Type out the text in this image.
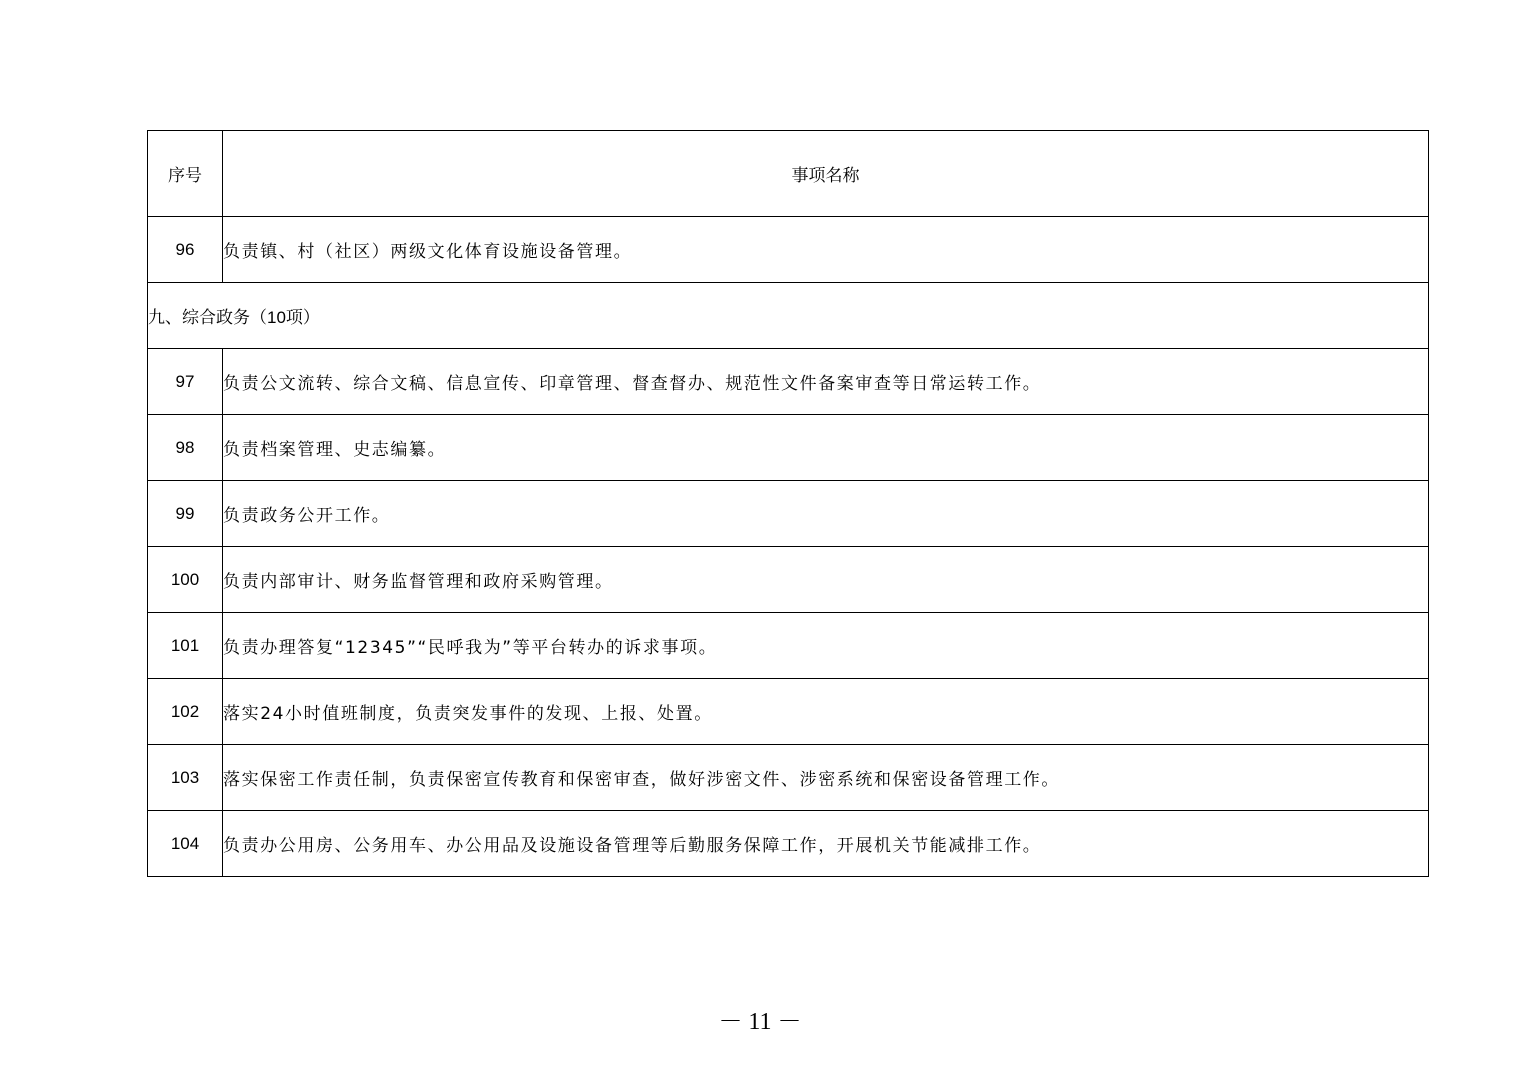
序号	事项名称
96	负责镇、村（社区）两级文化体育设施设备管理。
九、综合政务（10项）	
97	负责公文流转、综合文稿、信息宣传、印章管理、督查督办、规范性文件备案审查等日常运转工作。
98	负责档案管理、史志编纂。
99	负责政务公开工作。
100	负责内部审计、财务监督管理和政府采购管理。
101	负责办理答复“12345”“民呼我为”等平台转办的诉求事项。
102	落实24小时值班制度，负责突发事件的发现、上报、处置。
103	落实保密工作责任制，负责保密宣传教育和保密审查，做好涉密文件、涉密系统和保密设备管理工作。
104	负责办公用房、公务用车、办公用品及设施设备管理等后勤服务保障工作，开展机关节能减排工作。
－ 11 －
